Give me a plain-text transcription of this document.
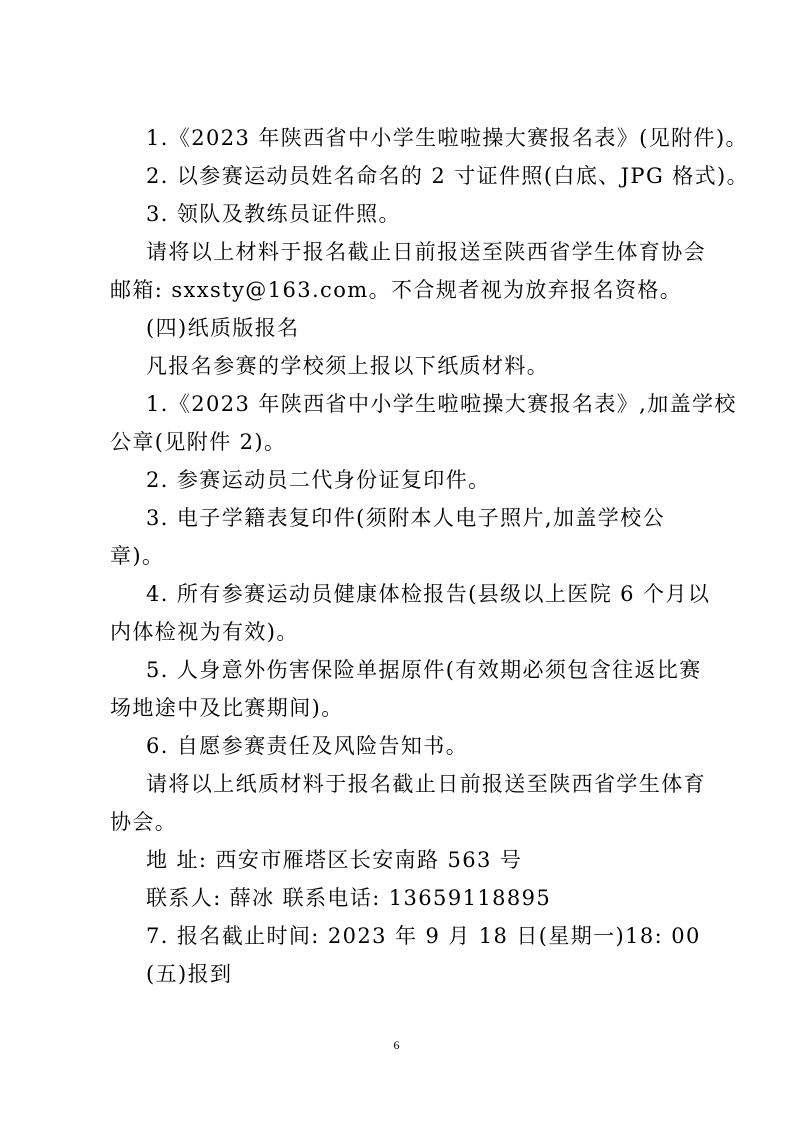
1.《2023 年陕西省中小学生啦啦操大赛报名表》(见附件)。
2. 以参赛运动员姓名命名的 2 寸证件照(白底、JPG 格式)。
3. 领队及教练员证件照。
请将以上材料于报名截止日前报送至陕西省学生体育协会
邮箱: sxxsty@163.com。不合规者视为放弃报名资格。
(四)纸质版报名
凡报名参赛的学校须上报以下纸质材料。
1.《2023 年陕西省中小学生啦啦操大赛报名表》,加盖学校
公章(见附件 2)。
2. 参赛运动员二代身份证复印件。
3. 电子学籍表复印件(须附本人电子照片,加盖学校公
章)。
4. 所有参赛运动员健康体检报告(县级以上医院 6 个月以
内体检视为有效)。
5. 人身意外伤害保险单据原件(有效期必须包含往返比赛
场地途中及比赛期间)。
6. 自愿参赛责任及风险告知书。
请将以上纸质材料于报名截止日前报送至陕西省学生体育
协会。
地 址: 西安市雁塔区长安南路 563 号
联系人: 薛冰 联系电话: 13659118895
7. 报名截止时间: 2023 年 9 月 18 日(星期一)18: 00
(五)报到
6
